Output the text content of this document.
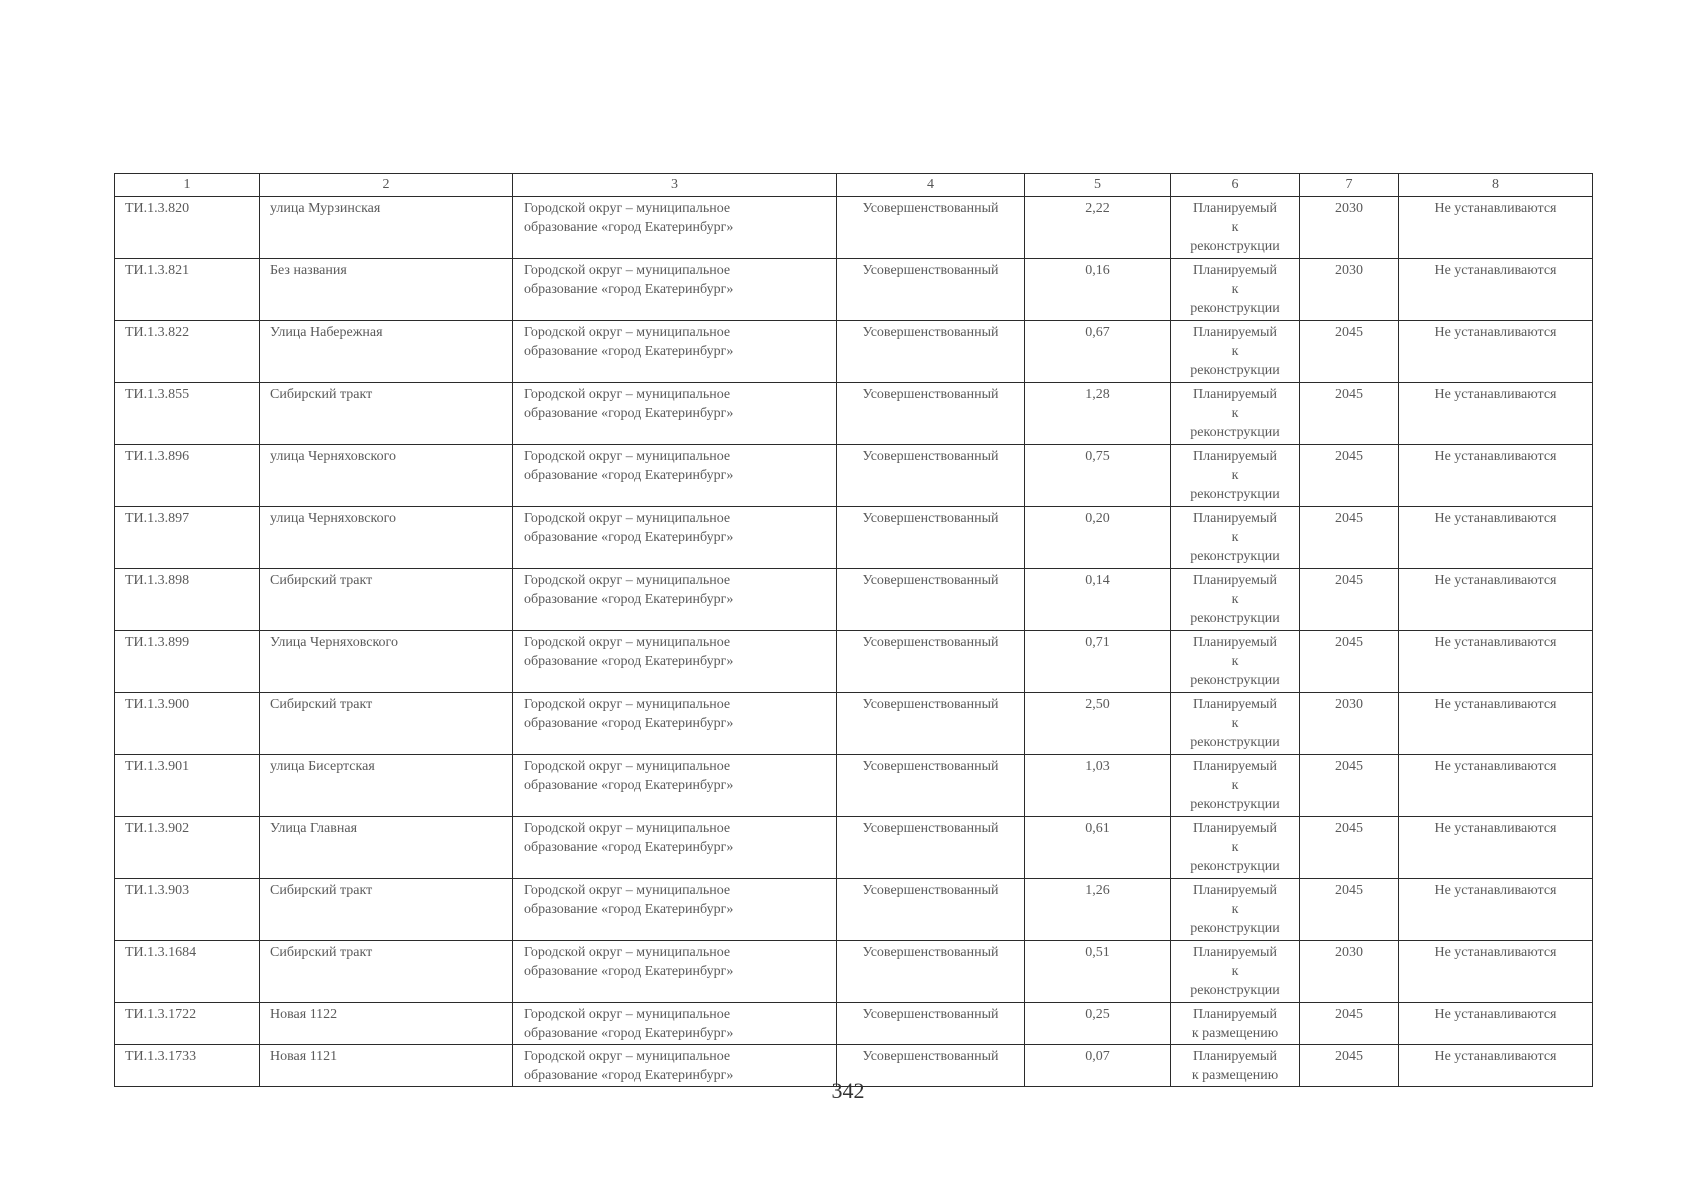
1	2	3	4	5	6	7	8
ТИ.1.3.820	улица Мурзинская	Городской округ – муниципальное
образование «город Екатеринбург»	Усовершенствованный	2,22	Планируемый
к
реконструкции	2030	Не устанавливаются
ТИ.1.3.821	Без названия	Городской округ – муниципальное
образование «город Екатеринбург»	Усовершенствованный	0,16	Планируемый
к
реконструкции	2030	Не устанавливаются
ТИ.1.3.822	Улица Набережная	Городской округ – муниципальное
образование «город Екатеринбург»	Усовершенствованный	0,67	Планируемый
к
реконструкции	2045	Не устанавливаются
ТИ.1.3.855	Сибирский тракт	Городской округ – муниципальное
образование «город Екатеринбург»	Усовершенствованный	1,28	Планируемый
к
реконструкции	2045	Не устанавливаются
ТИ.1.3.896	улица Черняховского	Городской округ – муниципальное
образование «город Екатеринбург»	Усовершенствованный	0,75	Планируемый
к
реконструкции	2045	Не устанавливаются
ТИ.1.3.897	улица Черняховского	Городской округ – муниципальное
образование «город Екатеринбург»	Усовершенствованный	0,20	Планируемый
к
реконструкции	2045	Не устанавливаются
ТИ.1.3.898	Сибирский тракт	Городской округ – муниципальное
образование «город Екатеринбург»	Усовершенствованный	0,14	Планируемый
к
реконструкции	2045	Не устанавливаются
ТИ.1.3.899	Улица Черняховского	Городской округ – муниципальное
образование «город Екатеринбург»	Усовершенствованный	0,71	Планируемый
к
реконструкции	2045	Не устанавливаются
ТИ.1.3.900	Сибирский тракт	Городской округ – муниципальное
образование «город Екатеринбург»	Усовершенствованный	2,50	Планируемый
к
реконструкции	2030	Не устанавливаются
ТИ.1.3.901	улица Бисертская	Городской округ – муниципальное
образование «город Екатеринбург»	Усовершенствованный	1,03	Планируемый
к
реконструкции	2045	Не устанавливаются
ТИ.1.3.902	Улица Главная	Городской округ – муниципальное
образование «город Екатеринбург»	Усовершенствованный	0,61	Планируемый
к
реконструкции	2045	Не устанавливаются
ТИ.1.3.903	Сибирский тракт	Городской округ – муниципальное
образование «город Екатеринбург»	Усовершенствованный	1,26	Планируемый
к
реконструкции	2045	Не устанавливаются
ТИ.1.3.1684	Сибирский тракт	Городской округ – муниципальное
образование «город Екатеринбург»	Усовершенствованный	0,51	Планируемый
к
реконструкции	2030	Не устанавливаются
ТИ.1.3.1722	Новая 1122	Городской округ – муниципальное
образование «город Екатеринбург»	Усовершенствованный	0,25	Планируемый
к размещению	2045	Не устанавливаются
ТИ.1.3.1733	Новая 1121	Городской округ – муниципальное
образование «город Екатеринбург»	Усовершенствованный	0,07	Планируемый
к размещению	2045	Не устанавливаются
342
